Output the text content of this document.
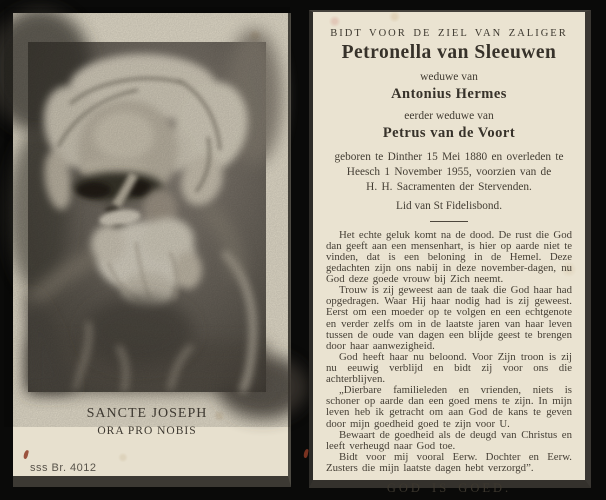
SANCTE JOSEPH
ORA PRO NOBIS
sss Br. 4012
BIDT VOOR DE ZIEL VAN ZALIGER
Petronella van Sleeuwen
weduwe van
Antonius Hermes
eerder weduwe van
Petrus van de Voort
geboren te Dinther 15 Mei 1880 en overleden te
Heesch 1 November 1955, voorzien van de
H. H. Sacramenten der Stervenden.
Lid van St Fidelisbond.

Het echte geluk komt na de dood. De rust die God dan geeft aan een mensenhart, is hier op aarde niet te vinden, dat is een beloning in de Hemel. Deze gedachten zijn ons nabij in deze november-dagen, nu God deze goede vrouw bij Zich neemt.

Trouw is zij geweest aan de taak die God haar had opgedragen. Waar Hij haar nodig had is zij geweest. Eerst om een moeder op te volgen en een echtgenote en verder zelfs om in de laatste jaren van haar leven tussen de oude van dagen een blijde geest te brengen door haar aanwezigheid.

God heeft haar nu beloond. Voor Zijn troon is zij nu eeuwig verblijd en bidt zij voor ons die achterblijven.

„Dierbare familieleden en vrienden, niets is schoner op aarde dan een goed mens te zijn. In mijn leven heb ik getracht om aan God de kans te geven door mijn goedheid goed te zijn voor U.

Bewaart de goedheid als de deugd van Christus en leeft verheugd naar God toe.

Bidt voor mij vooral Eerw. Dochter en Eerw. Zusters die mijn laatste dagen hebt verzorgd”.

GOD IS GOED.
